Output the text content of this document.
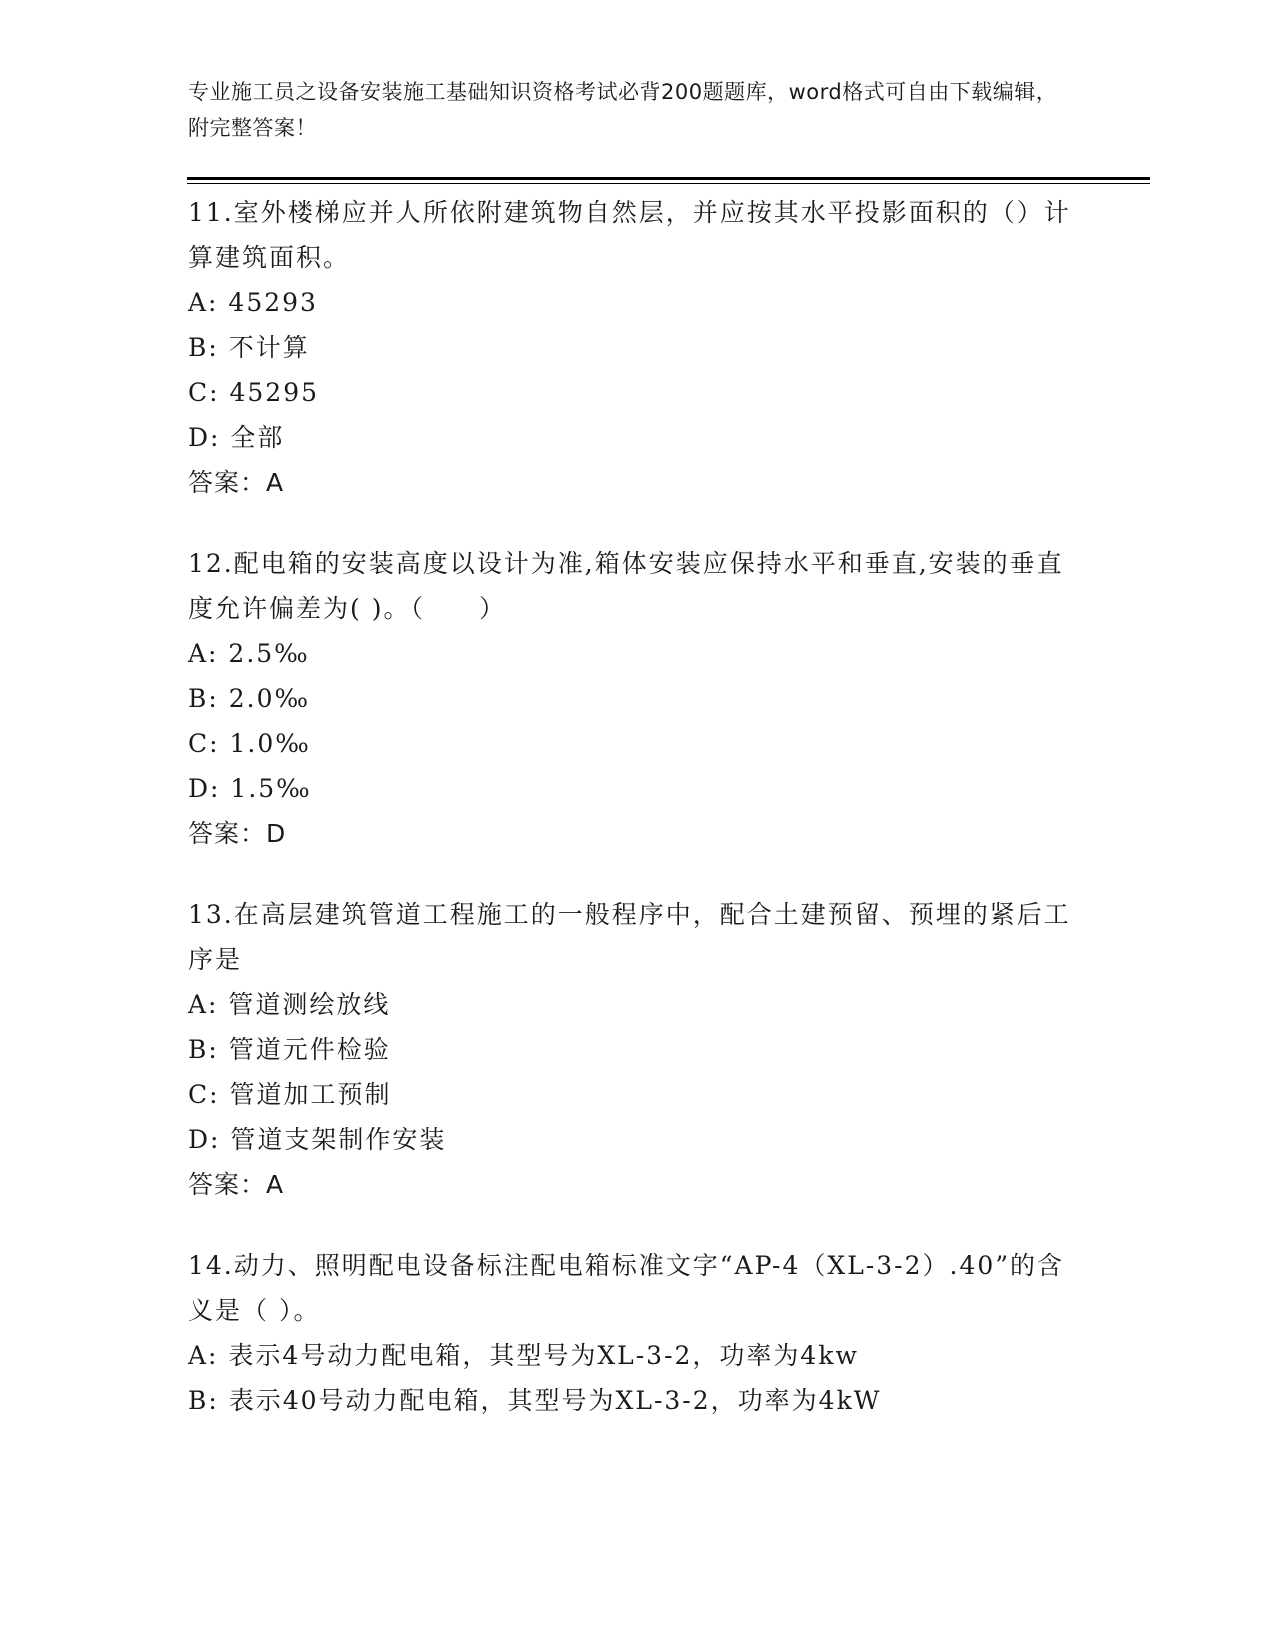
专业施工员之设备安装施工基础知识资格考试必背200题题库，word格式可自由下载编辑，附完整答案！

11.室外楼梯应并人所依附建筑物自然层，并应按其水平投影面积的（）计算建筑面积。

A: 45293

B: 不计算

C: 45295

D: 全部

答案：A

12.配电箱的安装高度以设计为准,箱体安装应保持水平和垂直,安装的垂直度允许偏差为( )。（　　）

A: 2.5‰

B: 2.0‰

C: 1.0‰

D: 1.5‰

答案：D

13.在高层建筑管道工程施工的一般程序中，配合土建预留、预埋的紧后工序是

A: 管道测绘放线

B: 管道元件检验

C: 管道加工预制

D: 管道支架制作安装

答案：A

14.动力、照明配电设备标注配电箱标准文字“AP-4（XL-3-2）.40”的含义是（ ）。

A: 表示4号动力配电箱，其型号为XL-3-2，功率为4kw

B: 表示40号动力配电箱，其型号为XL-3-2，功率为4kW
